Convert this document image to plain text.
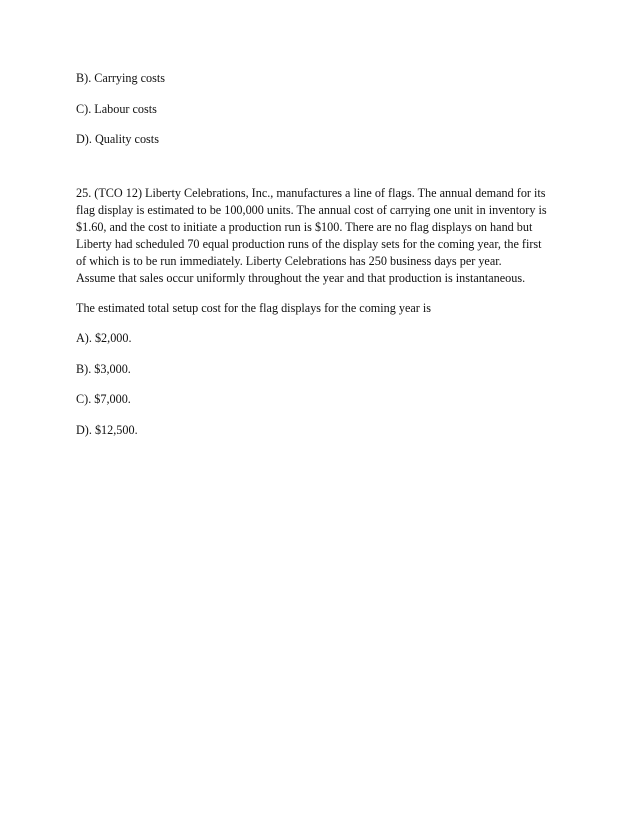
B). Carrying costs

C). Labour costs

D). Quality costs

25. (TCO 12) Liberty Celebrations, Inc., manufactures a line of flags. The annual demand for its
flag display is estimated to be 100,000 units. The annual cost of carrying one unit in inventory is
$1.60, and the cost to initiate a production run is $100. There are no flag displays on hand but
Liberty had scheduled 70 equal production runs of the display sets for the coming year, the first
of which is to be run immediately. Liberty Celebrations has 250 business days per year.
Assume that sales occur uniformly throughout the year and that production is instantaneous.

The estimated total setup cost for the flag displays for the coming year is

A). $2,000.

B). $3,000.

C). $7,000.

D). $12,500.
